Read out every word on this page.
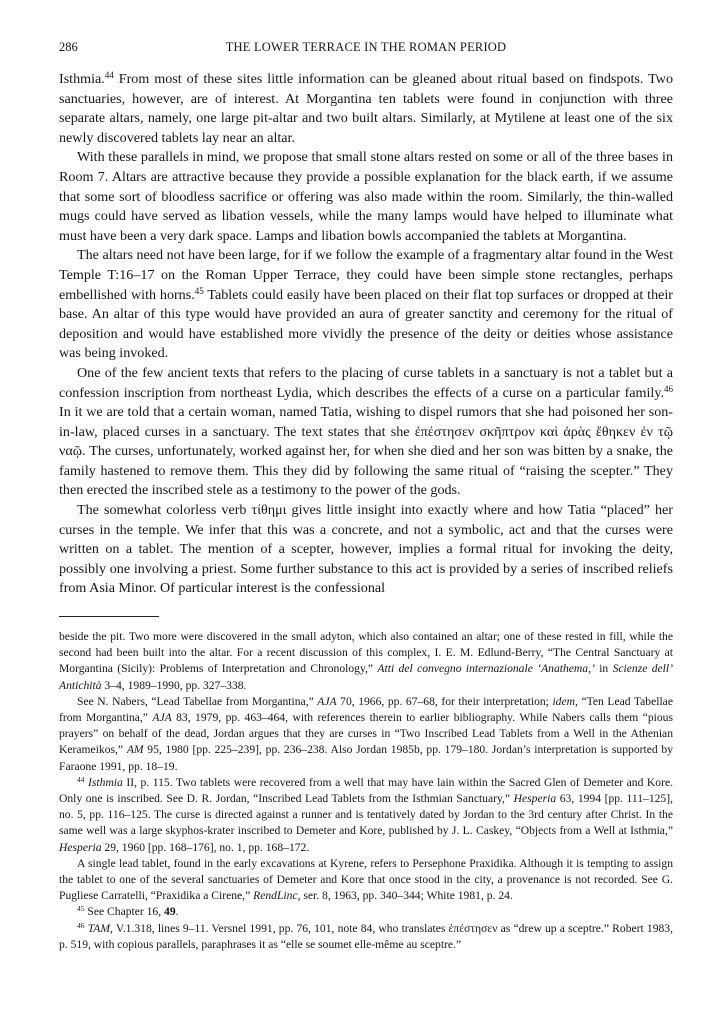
286	THE LOWER TERRACE IN THE ROMAN PERIOD

Isthmia.$^{44}$ From most of these sites little information can be gleaned about ritual based on findspots. Two sanctuaries, however, are of interest. At Morgantina ten tablets were found in conjunction with three separate altars, namely, one large pit-altar and two built altars. Similarly, at Mytilene at least one of the six newly discovered tablets lay near an altar.

With these parallels in mind, we propose that small stone altars rested on some or all of the three bases in Room 7. Altars are attractive because they provide a possible explanation for the black earth, if we assume that some sort of bloodless sacrifice or offering was also made within the room. Similarly, the thin-walled mugs could have served as libation vessels, while the many lamps would have helped to illuminate what must have been a very dark space. Lamps and libation bowls accompanied the tablets at Morgantina.

The altars need not have been large, for if we follow the example of a fragmentary altar found in the West Temple T:16–17 on the Roman Upper Terrace, they could have been simple stone rectangles, perhaps embellished with horns.$^{45}$ Tablets could easily have been placed on their flat top surfaces or dropped at their base. An altar of this type would have provided an aura of greater sanctity and ceremony for the ritual of deposition and would have established more vividly the presence of the deity or deities whose assistance was being invoked.

One of the few ancient texts that refers to the placing of curse tablets in a sanctuary is not a tablet but a confession inscription from northeast Lydia, which describes the effects of a curse on a particular family.$^{46}$ In it we are told that a certain woman, named Tatia, wishing to dispel rumors that she had poisoned her son-in-law, placed curses in a sanctuary. The text states that she ἐπέστησεν σκῆπτρον καὶ ἀρὰς ἔθηκεν ἐν τῷ ναῷ. The curses, unfortunately, worked against her, for when she died and her son was bitten by a snake, the family hastened to remove them. This they did by following the same ritual of “raising the scepter.” They then erected the inscribed stele as a testimony to the power of the gods.

The somewhat colorless verb τίθημι gives little insight into exactly where and how Tatia “placed” her curses in the temple. We infer that this was a concrete, and not a symbolic, act and that the curses were written on a tablet. The mention of a scepter, however, implies a formal ritual for invoking the deity, possibly one involving a priest. Some further substance to this act is provided by a series of inscribed reliefs from Asia Minor. Of particular interest is the confessional

beside the pit. Two more were discovered in the small adyton, which also contained an altar; one of these rested in fill, while the second had been built into the altar. For a recent discussion of this complex, I. E. M. Edlund-Berry, “The Central Sanctuary at Morgantina (Sicily): Problems of Interpretation and Chronology,” Atti del convegno internazionale ‘Anathema,’ in Scienze dell’ Antichità 3–4, 1989–1990, pp. 327–338.

See N. Nabers, “Lead Tabellae from Morgantina,” AJA 70, 1966, pp. 67–68, for their interpretation; idem, “Ten Lead Tabellae from Morgantina,” AJA 83, 1979, pp. 463–464, with references therein to earlier bibliography. While Nabers calls them “pious prayers” on behalf of the dead, Jordan argues that they are curses in “Two Inscribed Lead Tablets from a Well in the Athenian Kerameikos,” AM 95, 1980 [pp. 225–239], pp. 236–238. Also Jordan 1985b, pp. 179–180. Jordan’s interpretation is supported by Faraone 1991, pp. 18–19.

$^{44}$ Isthmia II, p. 115. Two tablets were recovered from a well that may have lain within the Sacred Glen of Demeter and Kore. Only one is inscribed. See D. R. Jordan, “Inscribed Lead Tablets from the Isthmian Sanctuary,” Hesperia 63, 1994 [pp. 111–125], no. 5, pp. 116–125. The curse is directed against a runner and is tentatively dated by Jordan to the 3rd century after Christ. In the same well was a large skyphos-krater inscribed to Demeter and Kore, published by J. L. Caskey, “Objects from a Well at Isthmia,” Hesperia 29, 1960 [pp. 168–176], no. 1, pp. 168–172.

A single lead tablet, found in the early excavations at Kyrene, refers to Persephone Praxidika. Although it is tempting to assign the tablet to one of the several sanctuaries of Demeter and Kore that once stood in the city, a provenance is not recorded. See G. Pugliese Carratelli, “Praxidika a Cirene,” RendLinc, ser. 8, 1963, pp. 340–344; White 1981, p. 24.

$^{45}$ See Chapter 16, 49.

$^{46}$ TAM, V.1.318, lines 9–11. Versnel 1991, pp. 76, 101, note 84, who translates ἐπέστησεν as “drew up a sceptre.” Robert 1983, p. 519, with copious parallels, paraphrases it as “elle se soumet elle-même au sceptre.”
